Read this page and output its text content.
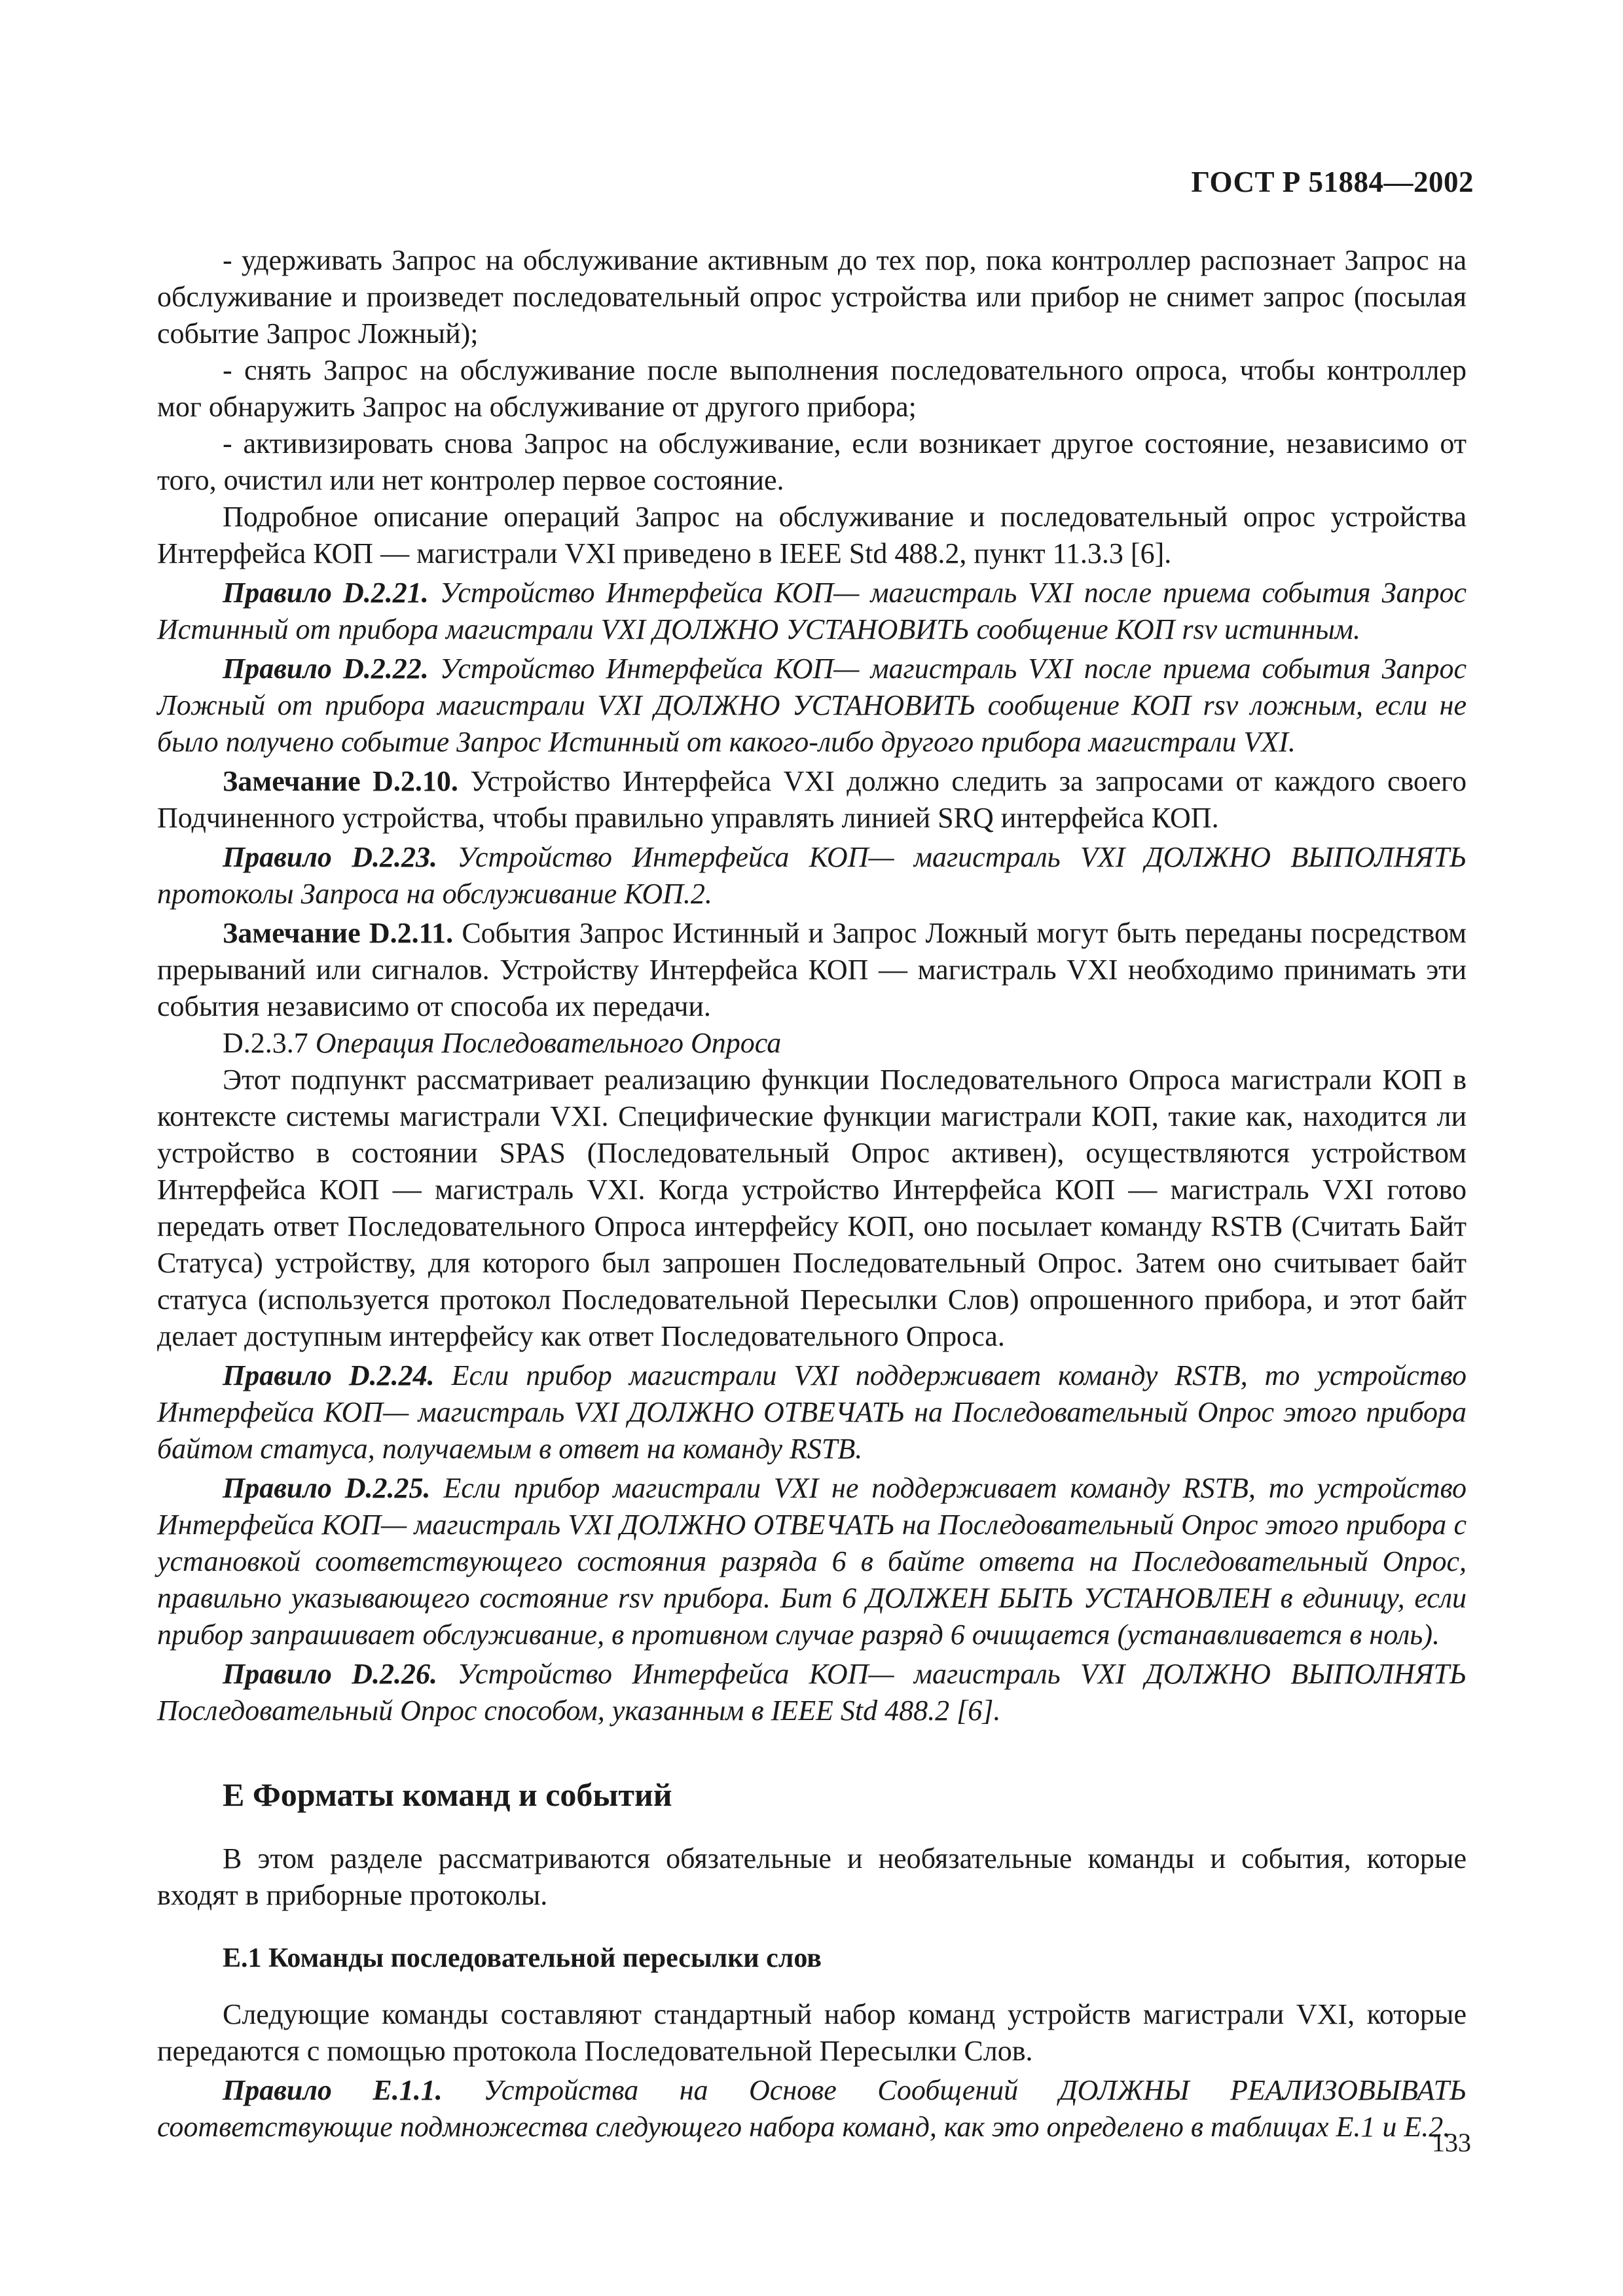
ГОСТ Р 51884—2002

- удерживать Запрос на обслуживание активным до тех пор, пока контроллер распознает Запрос на обслуживание и произведет последовательный опрос устройства или прибор не снимет запрос (посылая событие Запрос Ложный);

- снять Запрос на обслуживание после выполнения последовательного опроса, чтобы контроллер мог обнаружить Запрос на обслуживание от другого прибора;

- активизировать снова Запрос на обслуживание, если возникает другое состояние, независимо от того, очистил или нет контролер первое состояние.

Подробное описание операций Запрос на обслуживание и последовательный опрос устройства Интерфейса КОП — магистрали VXI приведено в IEEE Std 488.2, пункт 11.3.3 [6].

Правило D.2.21. Устройство Интерфейса КОП— магистраль VXI после приема события Запрос Истинный от прибора магистрали VXI ДОЛЖНО УСТАНОВИТЬ сообщение КОП rsv истинным.

Правило D.2.22. Устройство Интерфейса КОП— магистраль VXI после приема события Запрос Ложный от прибора магистрали VXI ДОЛЖНО УСТАНОВИТЬ сообщение КОП rsv ложным, если не было получено событие Запрос Истинный от какого-либо другого прибора магистрали VXI.

Замечание D.2.10. Устройство Интерфейса VXI должно следить за запросами от каждого своего Подчиненного устройства, чтобы правильно управлять линией SRQ интерфейса КОП.

Правило D.2.23. Устройство Интерфейса КОП— магистраль VXI ДОЛЖНО ВЫПОЛНЯТЬ протоколы Запроса на обслуживание КОП.2.

Замечание D.2.11. События Запрос Истинный и Запрос Ложный могут быть переданы посредством прерываний или сигналов. Устройству Интерфейса КОП — магистраль VXI необходимо принимать эти события независимо от способа их передачи.

D.2.3.7 Операция Последовательного Опроса

Этот подпункт рассматривает реализацию функции Последовательного Опроса магистрали КОП в контексте системы магистрали VXI. Специфические функции магистрали КОП, такие как, находится ли устройство в состоянии SPAS (Последовательный Опрос активен), осуществляются устройством Интерфейса КОП — магистраль VXI. Когда устройство Интерфейса КОП — магистраль VXI готово передать ответ Последовательного Опроса интерфейсу КОП, оно посылает команду RSTB (Считать Байт Статуса) устройству, для которого был запрошен Последовательный Опрос. Затем оно считывает байт статуса (используется протокол Последовательной Пересылки Слов) опрошенного прибора, и этот байт делает доступным интерфейсу как ответ Последовательного Опроса.

Правило D.2.24. Если прибор магистрали VXI поддерживает команду RSTB, то устройство Интерфейса КОП— магистраль VXI ДОЛЖНО ОТВЕЧАТЬ на Последовательный Опрос этого прибора байтом статуса, получаемым в ответ на команду RSTB.

Правило D.2.25. Если прибор магистрали VXI не поддерживает команду RSTB, то устройство Интерфейса КОП— магистраль VXI ДОЛЖНО ОТВЕЧАТЬ на Последовательный Опрос этого прибора с установкой соответствующего состояния разряда 6 в байте ответа на Последовательный Опрос, правильно указывающего состояние rsv прибора. Бит 6 ДОЛЖЕН БЫТЬ УСТАНОВЛЕН в единицу, если прибор запрашивает обслуживание, в противном случае разряд 6 очищается (устанавливается в ноль).

Правило D.2.26. Устройство Интерфейса КОП— магистраль VXI ДОЛЖНО ВЫПОЛНЯТЬ Последовательный Опрос способом, указанным в IEEE Std 488.2 [6].

Е Форматы команд и событий

В этом разделе рассматриваются обязательные и необязательные команды и события, которые входят в приборные протоколы.

Е.1 Команды последовательной пересылки слов

Следующие команды составляют стандартный набор команд устройств магистрали VXI, которые передаются с помощью протокола Последовательной Пересылки Слов.

Правило Е.1.1. Устройства на Основе Сообщений ДОЛЖНЫ РЕАЛИЗОВЫВАТЬ соответствующие подмножества следующего набора команд, как это определено в таблицах Е.1 и Е.2.

133
